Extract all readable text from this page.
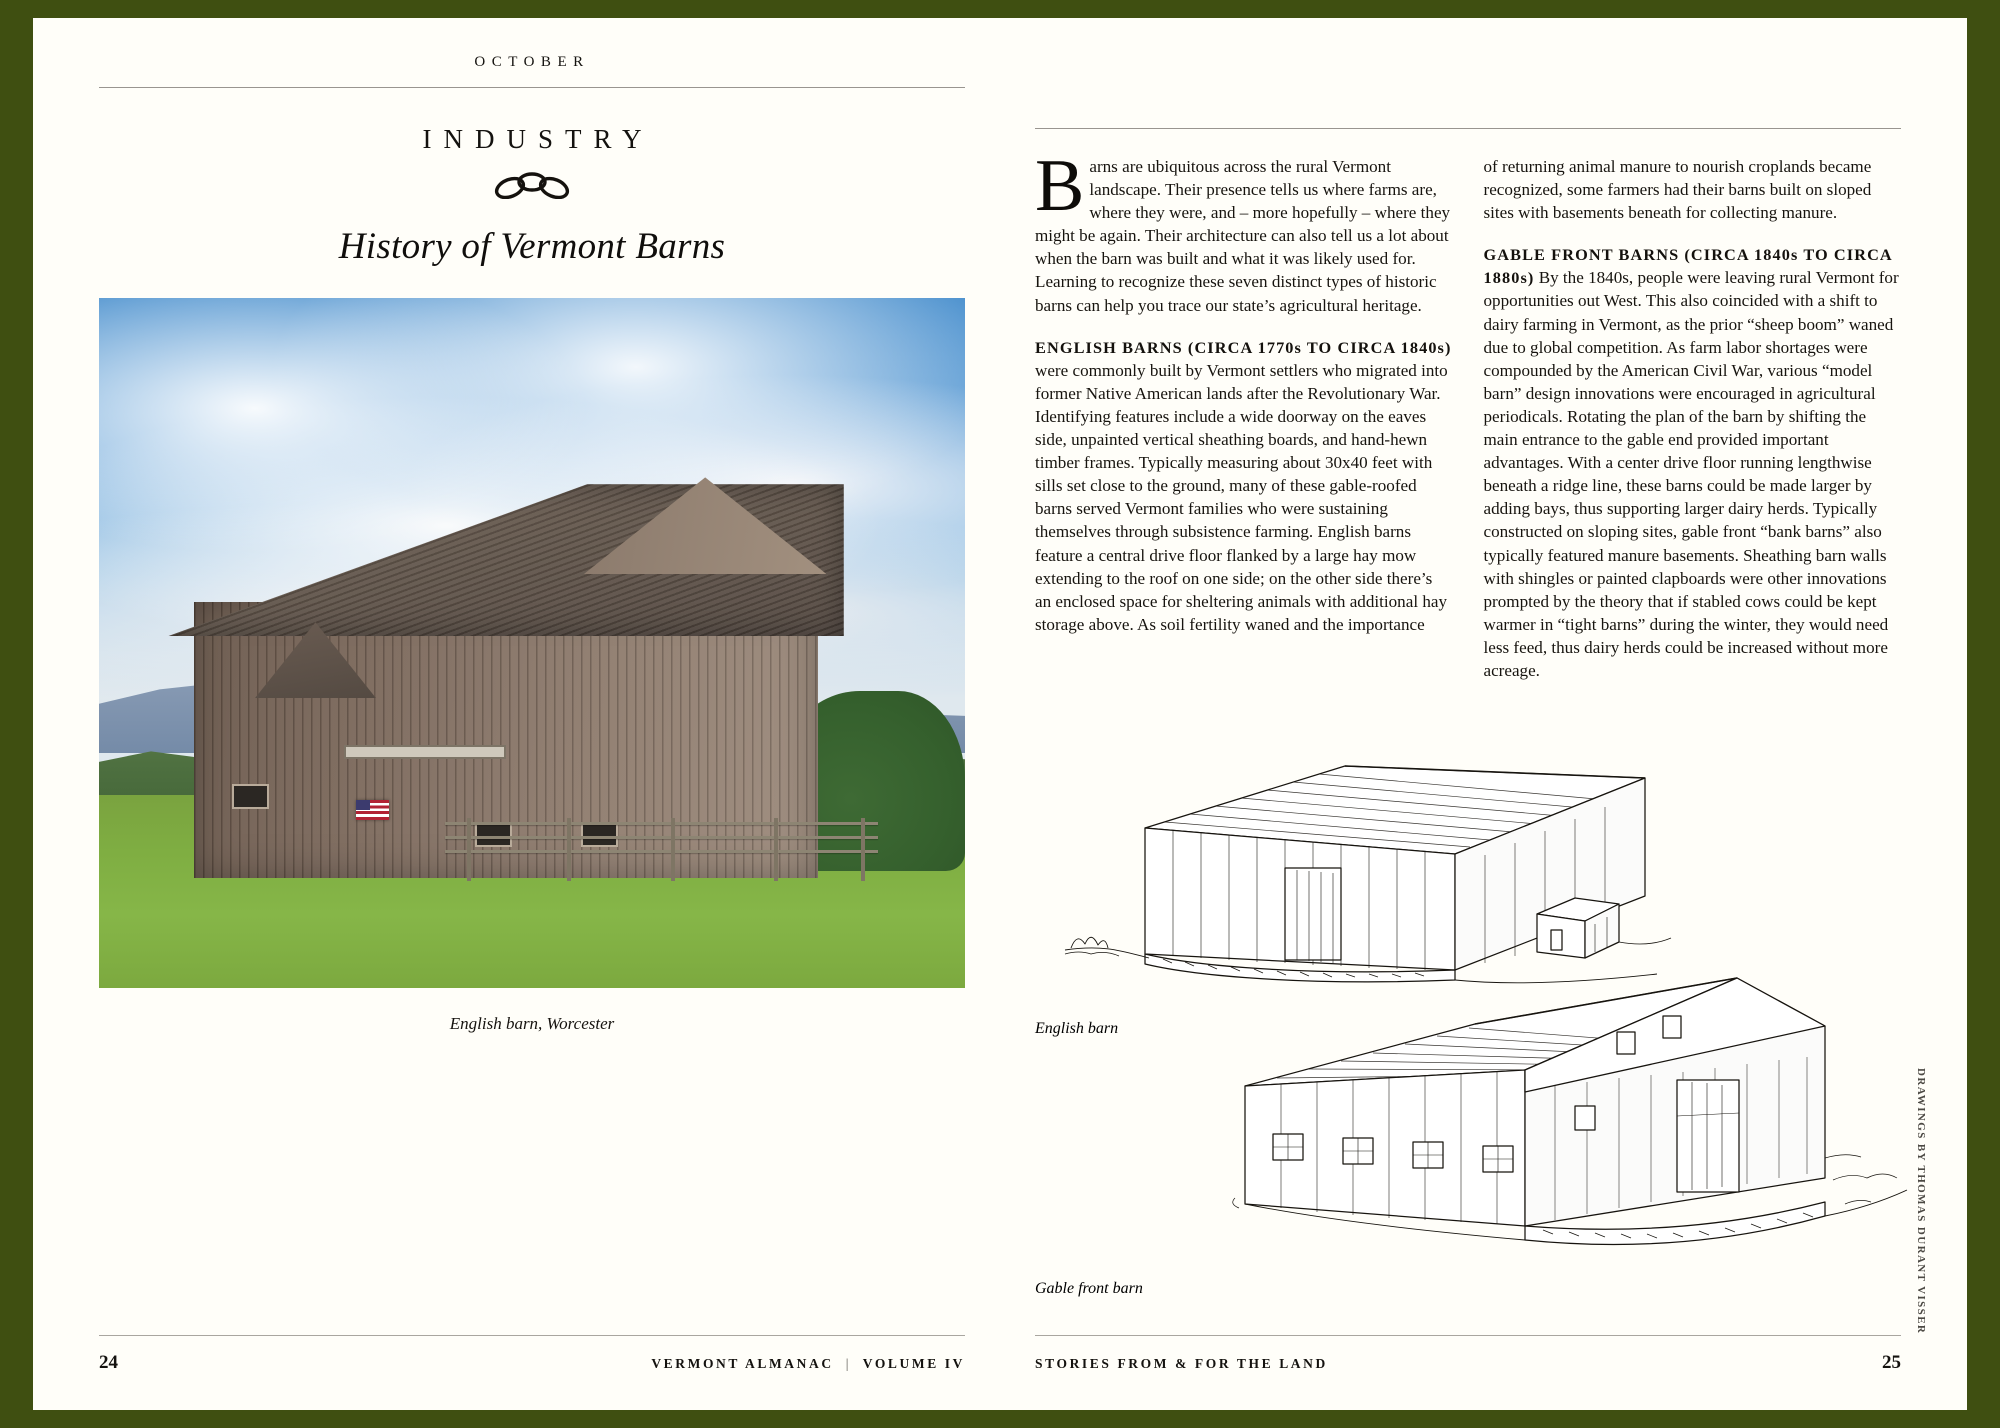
OCTOBER
INDUSTRY
History of Vermont Barns
English barn, Worcester
24	VERMONT ALMANAC | VOLUME IV

Barns are ubiquitous across the rural Vermont landscape. Their presence tells us where farms are, where they were, and – more hopefully – where they might be again. Their architecture can also tell us a lot about when the barn was built and what it was likely used for. Learning to recognize these seven distinct types of historic barns can help you trace our state’s agricultural heritage.

ENGLISH BARNS (CIRCA 1770s TO CIRCA 1840s) were commonly built by Vermont settlers who migrated into former Native American lands after the Revolutionary War. Identifying features include a wide doorway on the eaves side, unpainted vertical sheathing boards, and hand-hewn timber frames. Typically measuring about 30x40 feet with sills set close to the ground, many of these gable-roofed barns served Vermont families who were sustaining themselves through subsistence farming. English barns feature a central drive floor flanked by a large hay mow extending to the roof on one side; on the other side there’s an enclosed space for sheltering animals with additional hay storage above. As soil fertility waned and the importance

of returning animal manure to nourish croplands became recognized, some farmers had their barns built on sloped sites with basements beneath for collecting manure.

GABLE FRONT BARNS (CIRCA 1840s TO CIRCA 1880s) By the 1840s, people were leaving rural Vermont for opportunities out West. This also coincided with a shift to dairy farming in Vermont, as the prior “sheep boom” waned due to global competition. As farm labor shortages were compounded by the American Civil War, various “model barn” design innovations were encouraged in agricultural periodicals. Rotating the plan of the barn by shifting the main entrance to the gable end provided important advantages. With a center drive floor running lengthwise beneath a ridge line, these barns could be made larger by adding bays, thus supporting larger dairy herds. Typically constructed on sloping sites, gable front “bank barns” also typically featured manure basements. Sheathing barn walls with shingles or painted clapboards were other innovations prompted by the theory that if stabled cows could be kept warmer in “tight barns” during the winter, they would need less feed, thus dairy herds could be increased without more acreage.

English barn
Gable front barn	DRAWINGS BY THOMAS DURANT VISSER
STORIES FROM & FOR THE LAND	25
